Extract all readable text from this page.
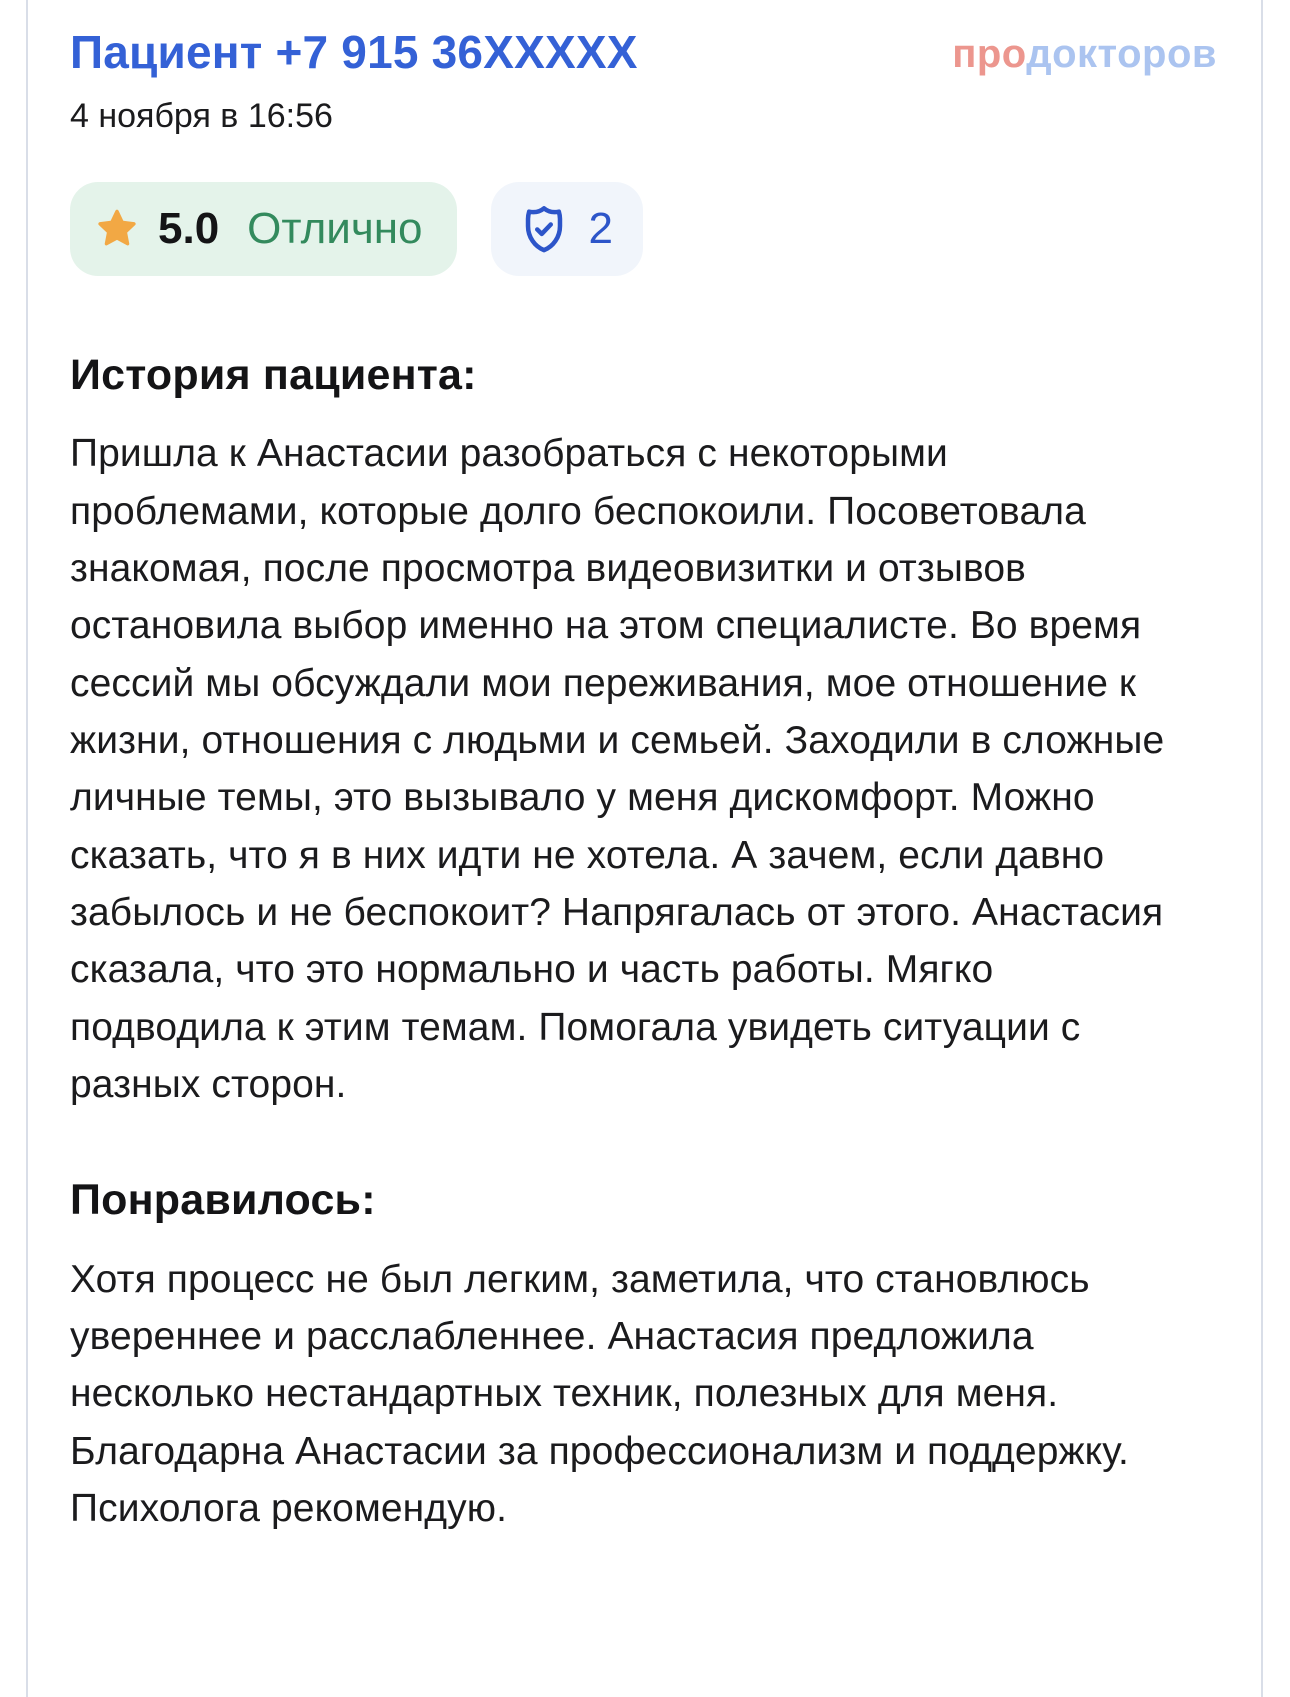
Пациент +7 915 36XXXXX	продокторов
4 ноября в 16:56
5.0 Отлично	2
История пациента:

Пришла к Анастасии разобраться с некоторыми проблемами, которые долго беспокоили. Посоветовала знакомая, после просмотра видеовизитки и отзывов остановила выбор именно на этом специалисте. Во время сессий мы обсуждали мои переживания, мое отношение к жизни, отношения с людьми и семьей. Заходили в сложные личные темы, это вызывало у меня дискомфорт. Можно сказать, что я в них идти не хотела. А зачем, если давно забылось и не беспокоит? Напрягалась от этого. Анастасия сказала, что это нормально и часть работы. Мягко подводила к этим темам. Помогала увидеть ситуации с разных сторон.

Понравилось:

Хотя процесс не был легким, заметила, что становлюсь увереннее и расслабленнее. Анастасия предложила несколько нестандартных техник, полезных для меня. Благодарна Анастасии за профессионализм и поддержку. Психолога рекомендую.
